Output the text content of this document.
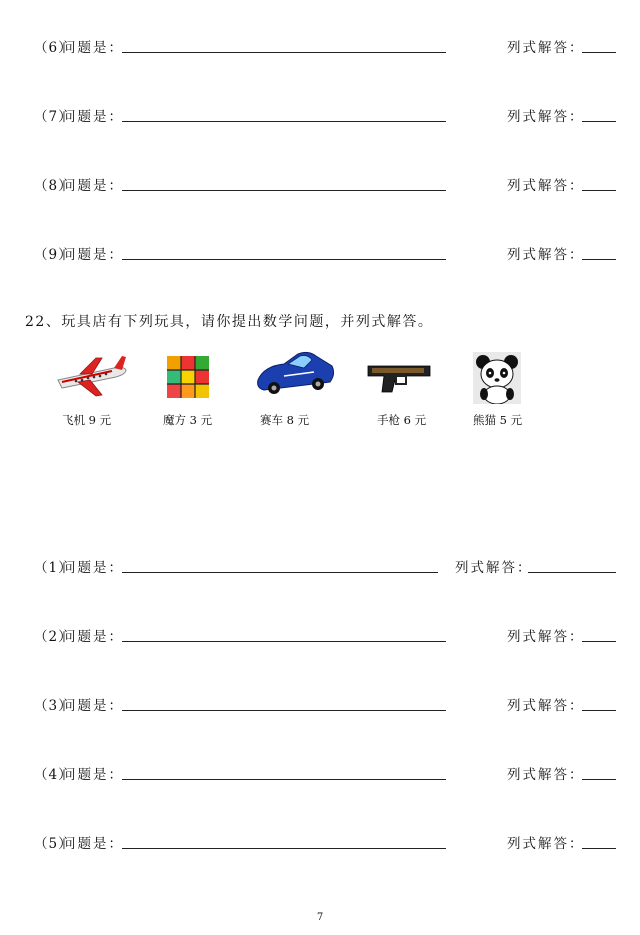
（6）
问题是：	列式解答：
（7）
问题是：	列式解答：
（8）
问题是：	列式解答：
（9）
问题是：	列式解答：
22、玩具店有下列玩具，请你提出数学问题，并列式解答。
飞机 9 元	魔方 3 元	赛车 8 元	手枪 6 元	熊猫 5 元
（1）
问题是：	列式解答：
（2）
问题是：	列式解答：
（3）
问题是：	列式解答：
（4）
问题是：	列式解答：
（5）
问题是：	列式解答：
7
